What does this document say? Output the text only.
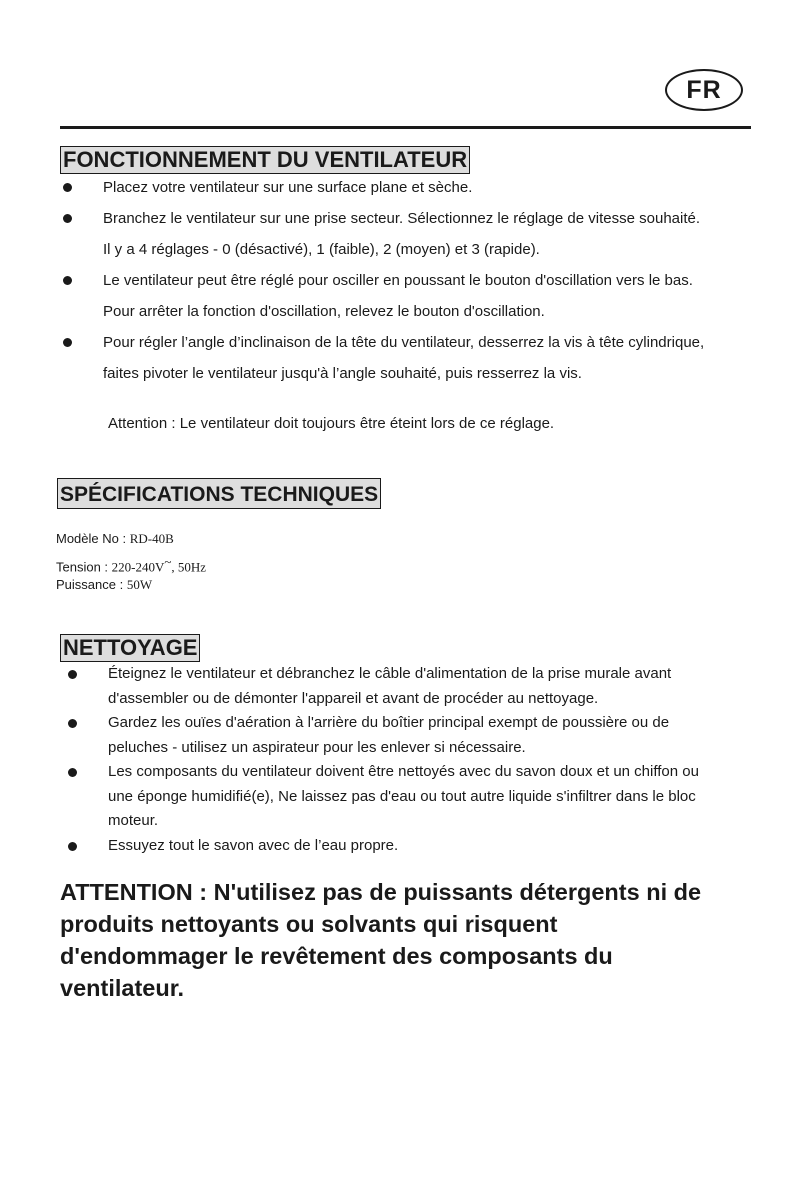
FR
FONCTIONNEMENT DU VENTILATEUR
Placez votre ventilateur sur une surface plane et sèche.
Branchez le ventilateur sur une prise secteur. Sélectionnez le réglage de vitesse souhaité.
Il y a 4 réglages - 0 (désactivé), 1 (faible), 2 (moyen) et 3 (rapide).
Le ventilateur peut être réglé pour osciller en poussant le bouton d'oscillation vers le bas.
Pour arrêter la fonction d'oscillation, relevez le bouton d'oscillation.
Pour régler l’angle d’inclinaison de la tête du ventilateur, desserrez la vis à tête cylindrique,
faites pivoter le ventilateur jusqu'à l’angle souhaité, puis resserrez la vis.
Attention : Le ventilateur doit toujours être éteint lors de ce réglage.
SPÉCIFICATIONS TECHNIQUES
Modèle No : RD-40B
Tension : 220-240V~, 50Hz
Puissance : 50W
NETTOYAGE
Éteignez le ventilateur et débranchez le câble d'alimentation de la prise murale avant
d'assembler ou de démonter l'appareil et avant de procéder au nettoyage.
Gardez les ouïes d'aération à l'arrière du boîtier principal exempt de poussière ou de
peluches - utilisez un aspirateur pour les enlever si nécessaire.
Les composants du ventilateur doivent être nettoyés avec du savon doux et un chiffon ou
une éponge humidifié(e), Ne laissez pas d'eau ou tout autre liquide s'infiltrer dans le bloc
moteur.
Essuyez tout le savon avec de l’eau propre.

ATTENTION : N'utilisez pas de puissants détergents ni de
produits nettoyants ou solvants qui risquent
d'endommager le revêtement des composants du
ventilateur.
